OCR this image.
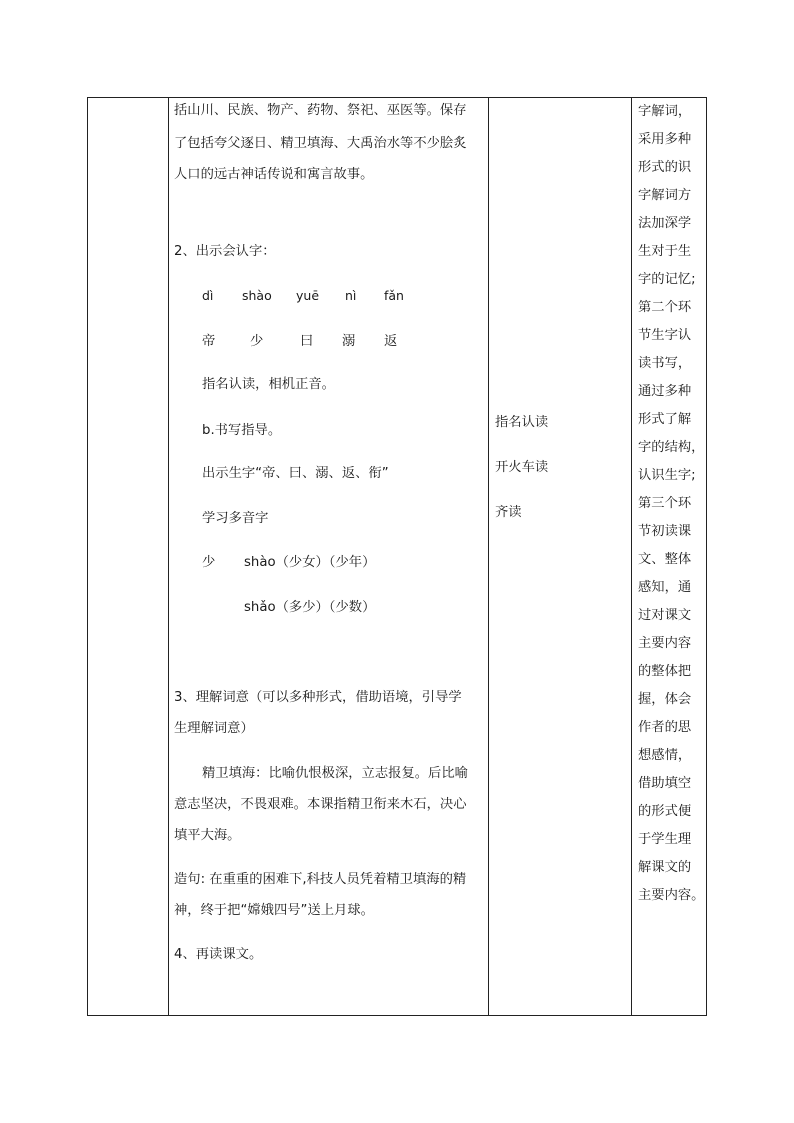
括山川、民族、物产、药物、祭祀、巫医等。保存
了包括夸父逐日、精卫填海、大禹治水等不少脍炙
人口的远古神话传说和寓言故事。
2、出示会认字：
dì shào yuē nì fǎn
帝	少	曰 溺 返
指名认读，相机正音。
b.书写指导。
出示生字“帝、曰、溺、返、衔”
学习多音字
少 shào（少女）（少年）
shǎo（多少）（少数）
3、理解词意（可以多种形式，借助语境，引导学
生理解词意）
精卫填海：比喻仇恨极深，立志报复。后比喻
意志坚决，不畏艰难。本课指精卫衔来木石，决心
填平大海。
造句: 在重重的困难下,科技人员凭着精卫填海的精
神，终于把“嫦娥四号”送上月球。
4、再读课文。
指名认读
开火车读
齐读
字解词，
采用多种
形式的识
字解词方
法加深学
生对于生
字的记忆;
第二个环
节生字认
读书写，
通过多种
形式了解
字的结构，
认识生字;
第三个环
节初读课
文、整体
感知，通
过对课文
主要内容
的整体把
握，体会
作者的思
想感情，
借助填空
的形式便
于学生理
解课文的
主要内容。
